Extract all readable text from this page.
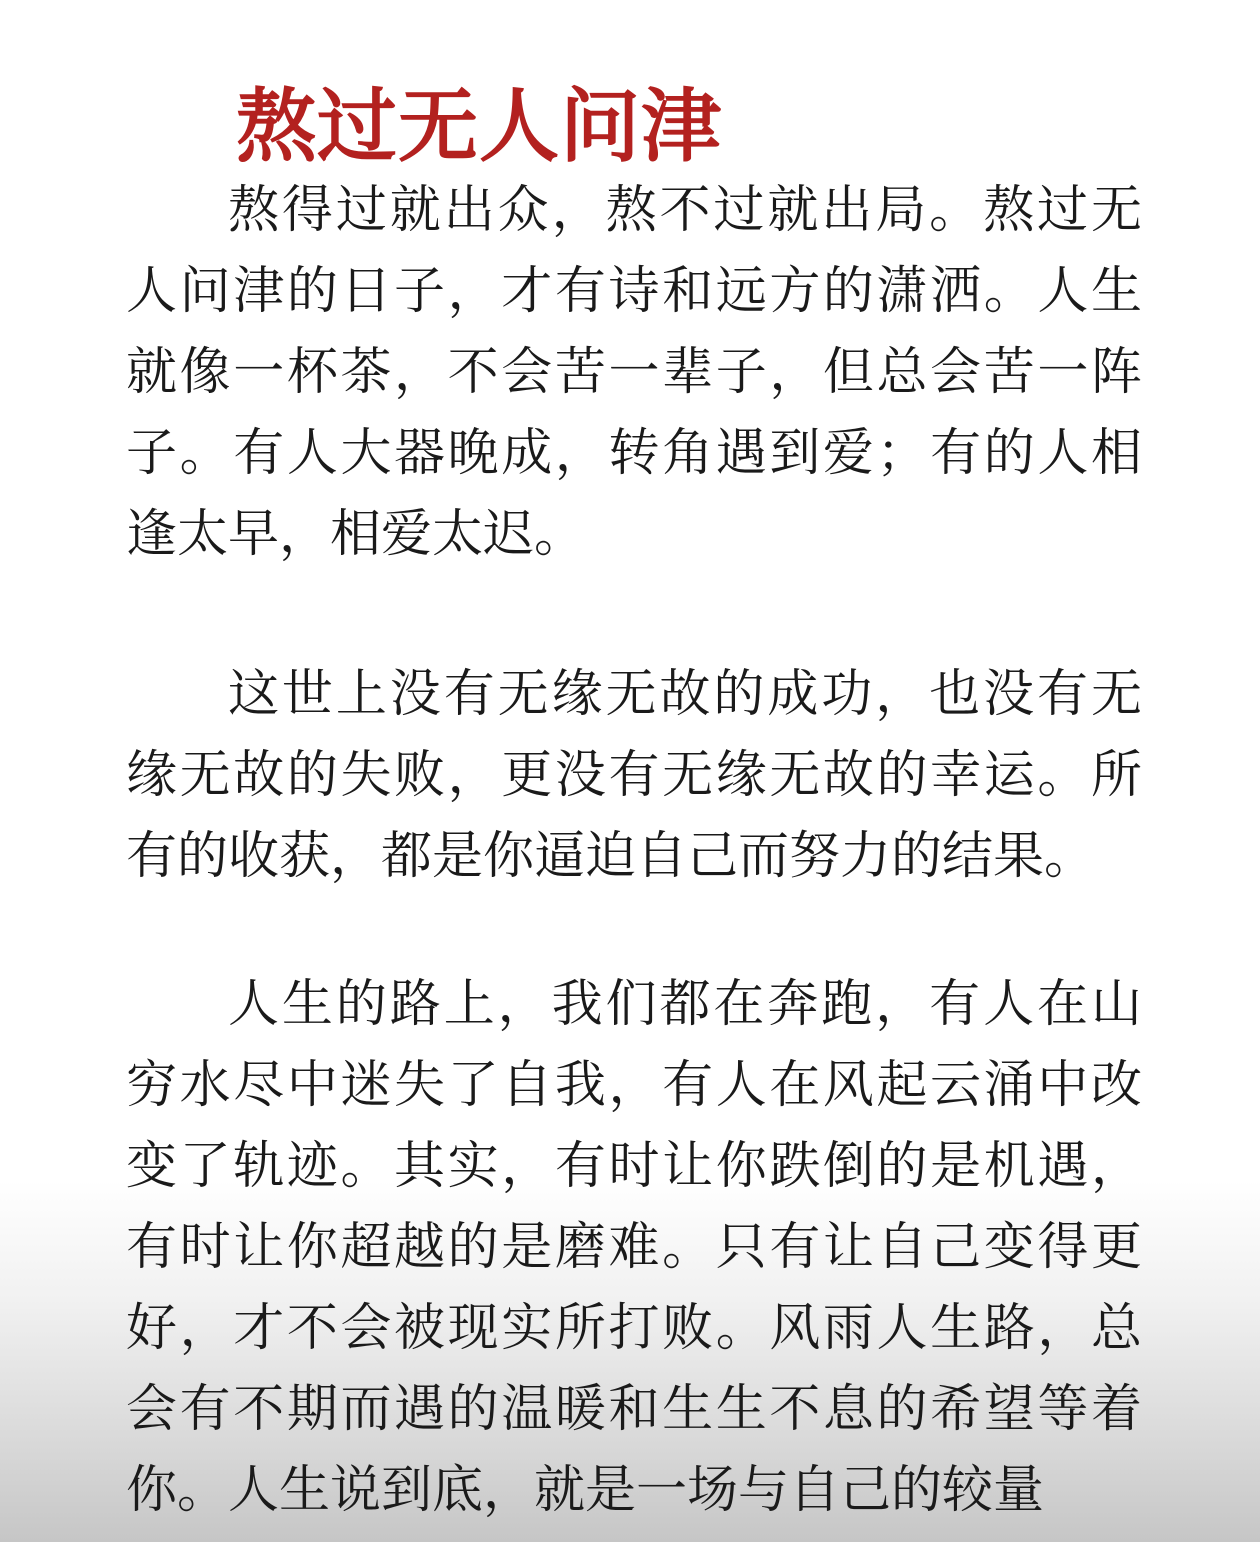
熬过无人问津

熬得过就出众，熬不过就出局。熬过无人问津的日子，才有诗和远方的潇洒。人生就像一杯茶，不会苦一辈子，但总会苦一阵子。有人大器晚成，转角遇到爱；有的人相逢太早，相爱太迟。

这世上没有无缘无故的成功，也没有无缘无故的失败，更没有无缘无故的幸运。所有的收获，都是你逼迫自己而努力的结果。

人生的路上，我们都在奔跑，有人在山穷水尽中迷失了自我，有人在风起云涌中改变了轨迹。其实，有时让你跌倒的是机遇，有时让你超越的是磨难。只有让自己变得更好，才不会被现实所打败。风雨人生路，总会有不期而遇的温暖和生生不息的希望等着你。人生说到底，就是一场与自己的较量
